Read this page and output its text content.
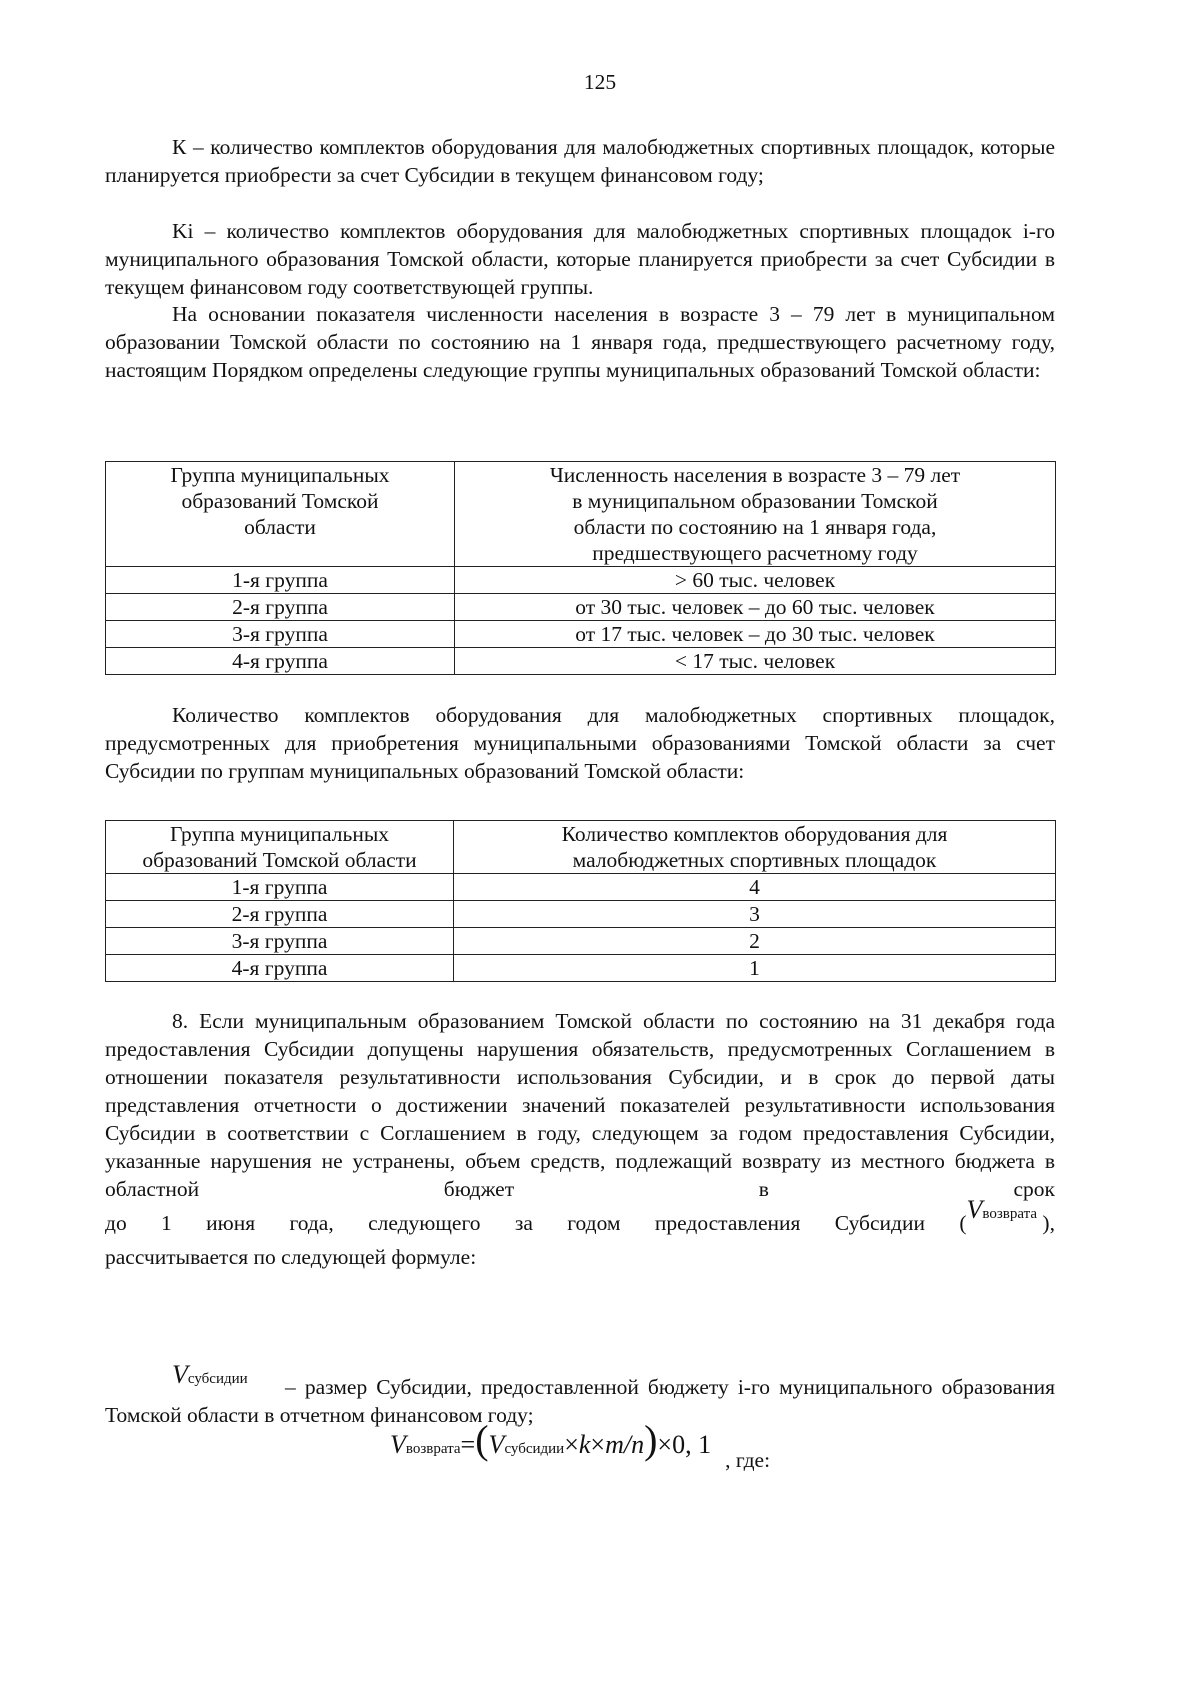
125

К – количество комплектов оборудования для малобюджетных спортивных площадок, которые планируется приобрести за счет Субсидии в текущем финансовом году;

Ki – количество комплектов оборудования для малобюджетных спортивных площадок i-го муниципального образования Томской области, которые планируется приобрести за счет Субсидии в текущем финансовом году соответствующей группы.

На основании показателя численности населения в возрасте 3 – 79 лет в муниципальном образовании Томской области по состоянию на 1 января года, предшествующего расчетному году, настоящим Порядком определены следующие группы муниципальных образований Томской области:

Группа муниципальных образований Томской области	Численность населения в возрасте 3 – 79 лет в муниципальном образовании Томской области по состоянию на 1 января года, предшествующего расчетному году
1-я группа	> 60 тыс. человек
2-я группа	от 30 тыс. человек – до 60 тыс. человек
3-я группа	от 17 тыс. человек – до 30 тыс. человек
4-я группа	< 17 тыс. человек

Количество комплектов оборудования для малобюджетных спортивных площадок, предусмотренных для приобретения муниципальными образованиями Томской области за счет Субсидии по группам муниципальных образований Томской области:

Группа муниципальных образований Томской области	Количество комплектов оборудования для малобюджетных спортивных площадок
1-я группа	4
2-я группа	3
3-я группа	2
4-я группа	1

8. Если муниципальным образованием Томской области по состоянию на 31 декабря года предоставления Субсидии допущены нарушения обязательств, предусмотренных Соглашением в отношении показателя результативности использования Субсидии, и в срок до первой даты представления отчетности о достижении значений показателей результативности использования Субсидии в соответствии с Соглашением в году, следующем за годом предоставления Субсидии, указанные нарушения не устранены, объем средств, подлежащий возврату из местного бюджета в областной бюджет в срок

до 1 июня года, следующего за годом предоставления Субсидии ($V^{возврата}$ ),
рассчитывается по следующей формуле:
V возврата = ( V субсидии × k × m/n ) ×0, 1
, где:
Vсубсидии	– размер Субсидии, предоставленной бюджету i-го муниципального образования Томской области в отчетном финансовом году;
